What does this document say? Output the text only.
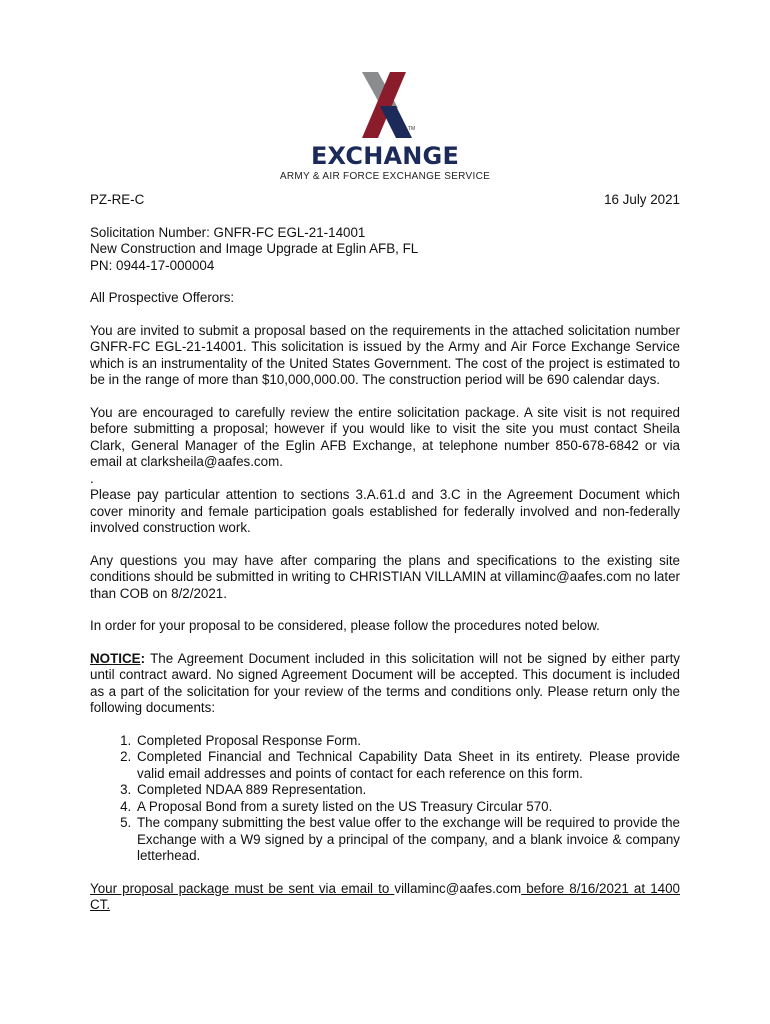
TM
EXCHANGE
ARMY & AIR FORCE EXCHANGE SERVICE
PZ-RE-C	16 July 2021
Solicitation Number: GNFR-FC EGL-21-14001
New Construction and Image Upgrade at Eglin AFB, FL
PN: 0944-17-000004

All Prospective Offerors:

You are invited to submit a proposal based on the requirements in the attached solicitation number GNFR-FC EGL-21-14001. This solicitation is issued by the Army and Air Force Exchange Service which is an instrumentality of the United States Government. The cost of the project is estimated to be in the range of more than $10,000,000.00. The construction period will be 690 calendar days.

You are encouraged to carefully review the entire solicitation package. A site visit is not required before submitting a proposal; however if you would like to visit the site you must contact Sheila Clark, General Manager of the Eglin AFB Exchange, at telephone number 850-678-6842 or via email at clarksheila@aafes.com.

.

Please pay particular attention to sections 3.A.61.d and 3.C in the Agreement Document which cover minority and female participation goals established for federally involved and non-federally involved construction work.

Any questions you may have after comparing the plans and specifications to the existing site conditions should be submitted in writing to CHRISTIAN VILLAMIN at villaminc@aafes.com no later than COB on 8/2/2021.

In order for your proposal to be considered, please follow the procedures noted below.

NOTICE: The Agreement Document included in this solicitation will not be signed by either party until contract award. No signed Agreement Document will be accepted. This document is included as a part of the solicitation for your review of the terms and conditions only. Please return only the following documents:

1. Completed Proposal Response Form.
2. Completed Financial and Technical Capability Data Sheet in its entirety. Please provide valid email addresses and points of contact for each reference on this form.
3. Completed NDAA 889 Representation.
4. A Proposal Bond from a surety listed on the US Treasury Circular 570.
5. The company submitting the best value offer to the exchange will be required to provide the Exchange with a W9 signed by a principal of the company, and a blank invoice & company letterhead.

Your proposal package must be sent via email to villaminc@aafes.com before 8/16/2021 at 1400 CT.
